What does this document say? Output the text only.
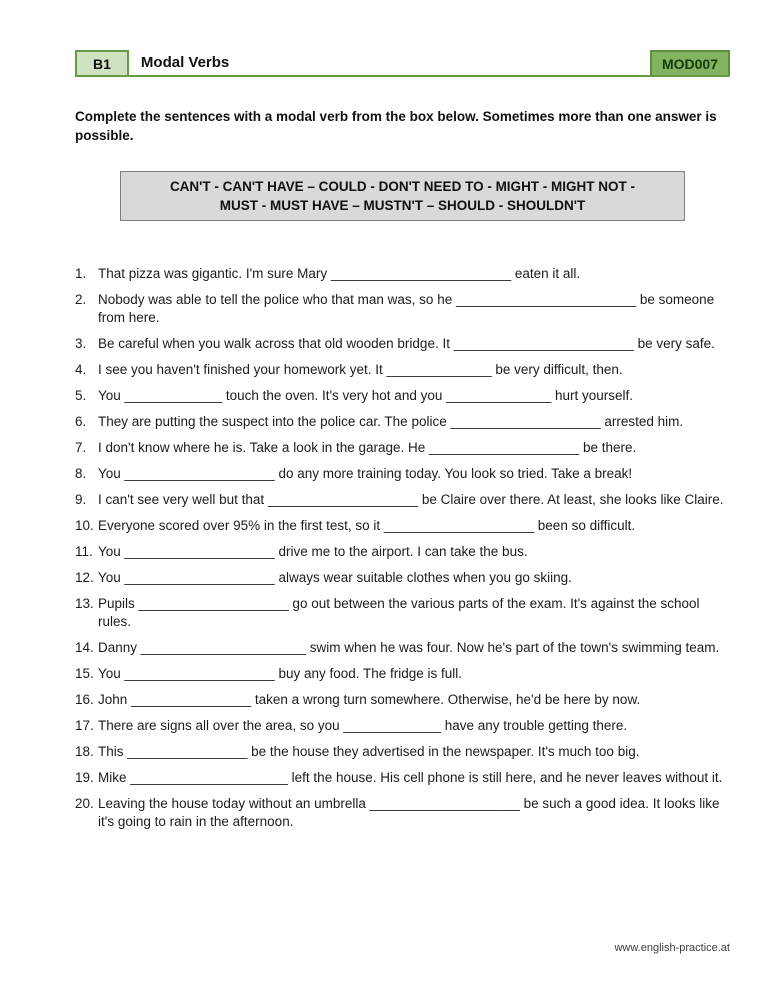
B1	Modal Verbs	MOD007

Complete the sentences with a modal verb from the box below. Sometimes more than one answer is possible.

CAN'T - CAN'T HAVE – COULD - DON'T NEED TO - MIGHT - MIGHT NOT -
MUST - MUST HAVE – MUSTN'T – SHOULD - SHOULDN'T
1. That pizza was gigantic. I'm sure Mary ________________________ eaten it all.
2. Nobody was able to tell the police who that man was, so he ________________________ be someone from here.
3. Be careful when you walk across that old wooden bridge. It ________________________ be very safe.
4. I see you haven't finished your homework yet. It ______________ be very difficult, then.
5. You _____________ touch the oven. It's very hot and you ______________ hurt yourself.
6. They are putting the suspect into the police car. The police ____________________ arrested him.
7. I don't know where he is. Take a look in the garage. He ____________________ be there.
8. You ____________________ do any more training today. You look so tried. Take a break!
9. I can't see very well but that ____________________ be Claire over there. At least, she looks like Claire.
10. Everyone scored over 95% in the first test, so it ____________________ been so difficult.
11. You ____________________ drive me to the airport. I can take the bus.
12. You ____________________ always wear suitable clothes when you go skiing.
13. Pupils ____________________ go out between the various parts of the exam. It's against the school rules.
14. Danny ______________________ swim when he was four. Now he's part of the town's swimming team.
15. You ____________________ buy any food. The fridge is full.
16. John ________________ taken a wrong turn somewhere. Otherwise, he'd be here by now.
17. There are signs all over the area, so you _____________ have any trouble getting there.
18. This ________________ be the house they advertised in the newspaper. It's much too big.
19. Mike _____________________ left the house. His cell phone is still here, and he never leaves without it.
20. Leaving the house today without an umbrella ____________________ be such a good idea. It looks like it's going to rain in the afternoon.
www.english-practice.at
